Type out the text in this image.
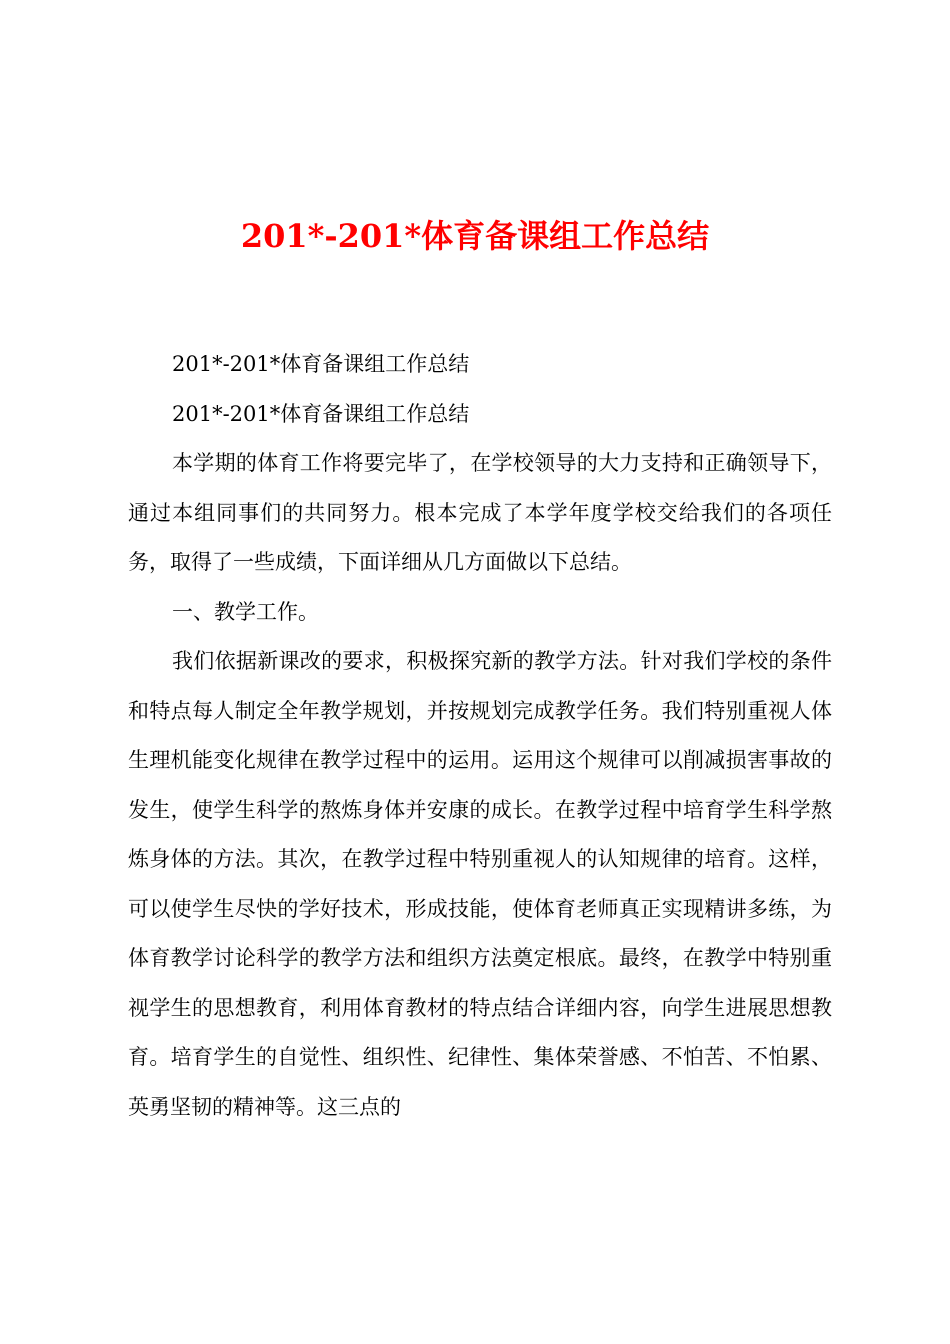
201*-201*体育备课组工作总结

201*-201*体育备课组工作总结

201*-201*体育备课组工作总结

本学期的体育工作将要完毕了，在学校领导的大力支持和正确领导下，通过本组同事们的共同努力。根本完成了本学年度学校交给我们的各项任务，取得了一些成绩，下面详细从几方面做以下总结。

一、教学工作。

我们依据新课改的要求，积极探究新的教学方法。针对我们学校的条件和特点每人制定全年教学规划，并按规划完成教学任务。我们特别重视人体生理机能变化规律在教学过程中的运用。运用这个规律可以削减损害事故的发生，使学生科学的熬炼身体并安康的成长。在教学过程中培育学生科学熬炼身体的方法。其次，在教学过程中特别重视人的认知规律的培育。这样，可以使学生尽快的学好技术，形成技能，使体育老师真正实现精讲多练，为体育教学讨论科学的教学方法和组织方法奠定根底。最终，在教学中特别重视学生的思想教育，利用体育教材的特点结合详细内容，向学生进展思想教育。培育学生的自觉性、组织性、纪律性、集体荣誉感、不怕苦、不怕累、英勇坚韧的精神等。这三点的
